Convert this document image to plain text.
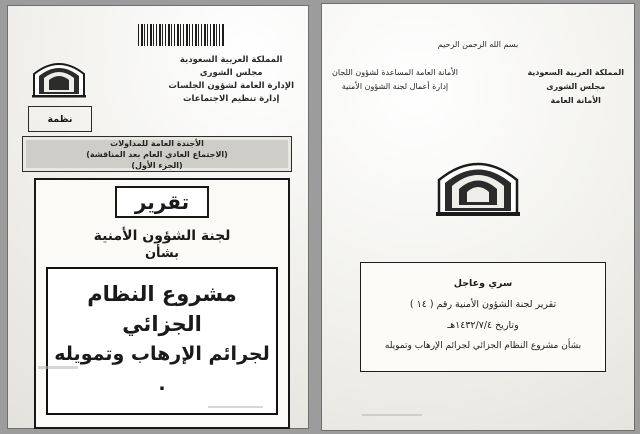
المملكة العربية السعودية
مجلس الشورى
الإدارة العامة لشؤون الجلسات
إدارة تنظيم الاجتماعات
نظمة
الأجندة العامة للمداولات
(الاجتماع العادي العام بعد المناقشة)
(الجزء الأول)
تقرير
لجنة الشؤون الأمنية
بشأن
مشروع النظام الجزائي
لجرائم الإرهاب وتمويله .
بسم الله الرحمن الرحيم
المملكة العربية السعودية
مجلس الشورى
الأمانة العامة
الأمانة العامة المساعدة لشؤون اللجان
إدارة أعمال لجنة الشؤون الأمنية
سري وعاجل
تقرير لجنة الشؤون الأمنية رقم ( ١٤ )
وتاريخ ١٤٣٢/٧/٤هـ
بشأن مشروع النظام الجزائي لجرائم الإرهاب وتمويله
